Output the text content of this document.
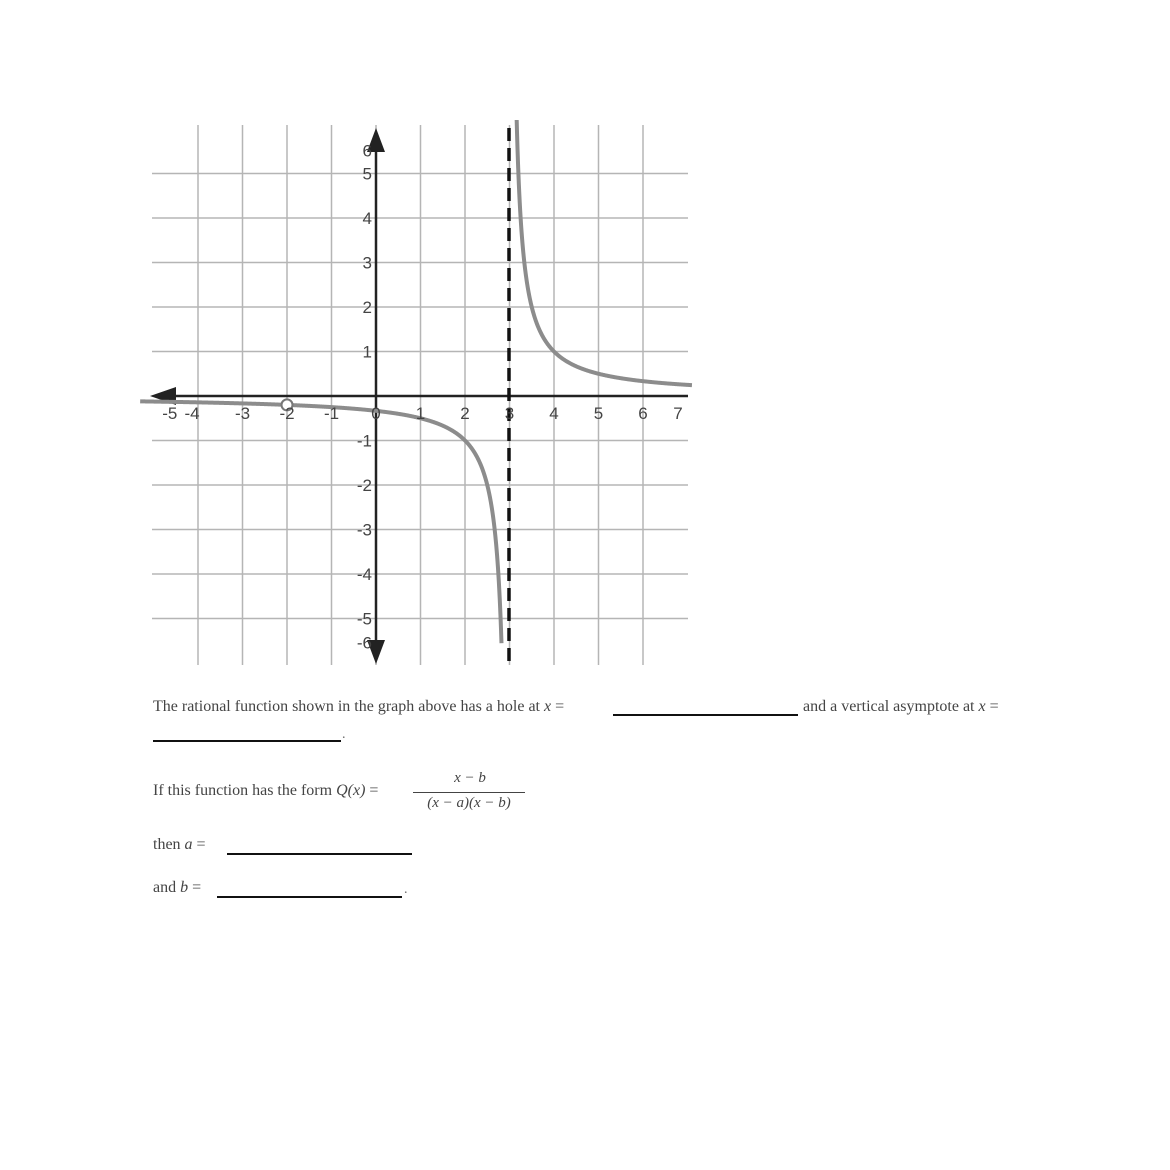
-5 -4 -3 -2 -1 0 1 2 3 4 5 6 7
6
5
4
3
2
1
-1
-2
-3
-4
-5
-6
The rational function shown in the graph above has a hole at x =	and a vertical asymptote at x =
.
If this function has the form Q(x) =
x − b
(x − a)(x − b)
then a =
and b =	.
